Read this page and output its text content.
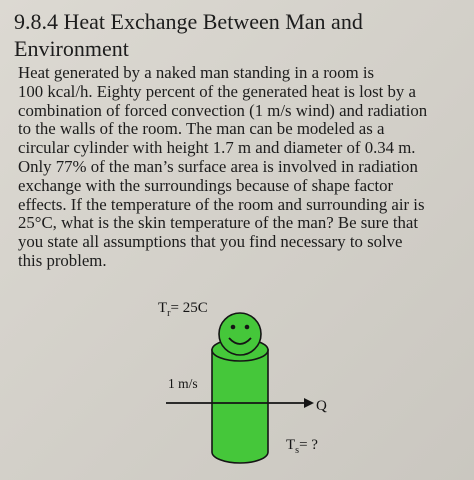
9.8.4 Heat Exchange Between Man and
Environment
Heat generated by a naked man standing in a room is
100 kcal/h. Eighty percent of the generated heat is lost by a
combination of forced convection (1 m/s wind) and radiation
to the walls of the room. The man can be modeled as a
circular cylinder with height 1.7 m and diameter of 0.34 m.
Only 77% of the man’s surface area is involved in radiation
exchange with the surroundings because of shape factor
effects. If the temperature of the room and surrounding air is
25°C, what is the skin temperature of the man? Be sure that
you state all assumptions that you find necessary to solve
this problem.
$T_r= 25C$
1 m/s
Q
$T_s=$ ?
